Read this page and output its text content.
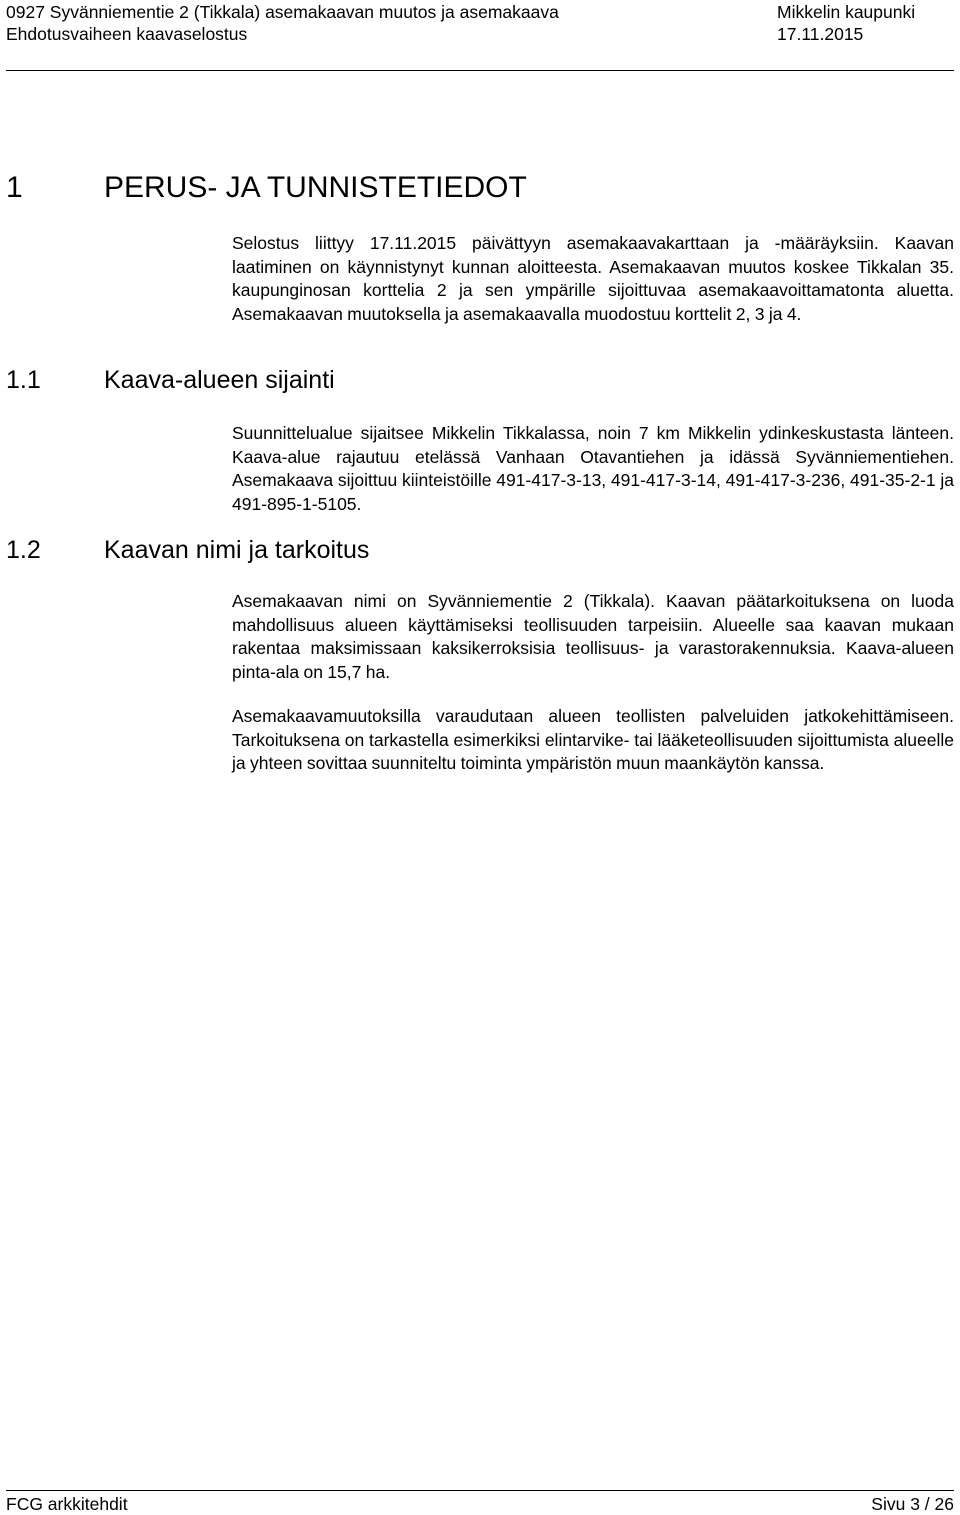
0927 Syvänniementie 2 (Tikkala) asemakaavan muutos ja asemakaava
Ehdotusvaiheen kaavaselostus
Mikkelin kaupunki
17.11.2015
1	PERUS- JA TUNNISTETIEDOT

Selostus liittyy 17.11.2015 päivättyyn asemakaavakarttaan ja -määräyksiin. Kaavan laatiminen on käynnistynyt kunnan aloitteesta. Asemakaavan muutos koskee Tikkalan 35. kaupunginosan korttelia 2 ja sen ympärille sijoittuvaa asemakaavoittamatonta aluetta. Asemakaavan muutoksella ja asemakaavalla muodostuu korttelit 2, 3 ja 4.

1.1	Kaava-alueen sijainti

Suunnittelualue sijaitsee Mikkelin Tikkalassa, noin 7 km Mikkelin ydinkeskustasta länteen. Kaava-alue rajautuu etelässä Vanhaan Otavantiehen ja idässä Syvänniementiehen. Asemakaava sijoittuu kiinteistöille 491-417-3-13, 491-417-3-14, 491-417-3-236, 491-35-2-1 ja 491-895-1-5105.

1.2	Kaavan nimi ja tarkoitus

Asemakaavan nimi on Syvänniementie 2 (Tikkala). Kaavan päätarkoituksena on luoda mahdollisuus alueen käyttämiseksi teollisuuden tarpeisiin. Alueelle saa kaavan mukaan rakentaa maksimissaan kaksikerroksisia teollisuus- ja varastorakennuksia. Kaava-alueen pinta-ala on 15,7 ha.

Asemakaavamuutoksilla varaudutaan alueen teollisten palveluiden jatkokehittämiseen. Tarkoituksena on tarkastella esimerkiksi elintarvike- tai lääketeollisuuden sijoittumista alueelle ja yhteen sovittaa suunniteltu toiminta ympäristön muun maankäytön kanssa.

FCG arkkitehdit	Sivu 3 / 26
